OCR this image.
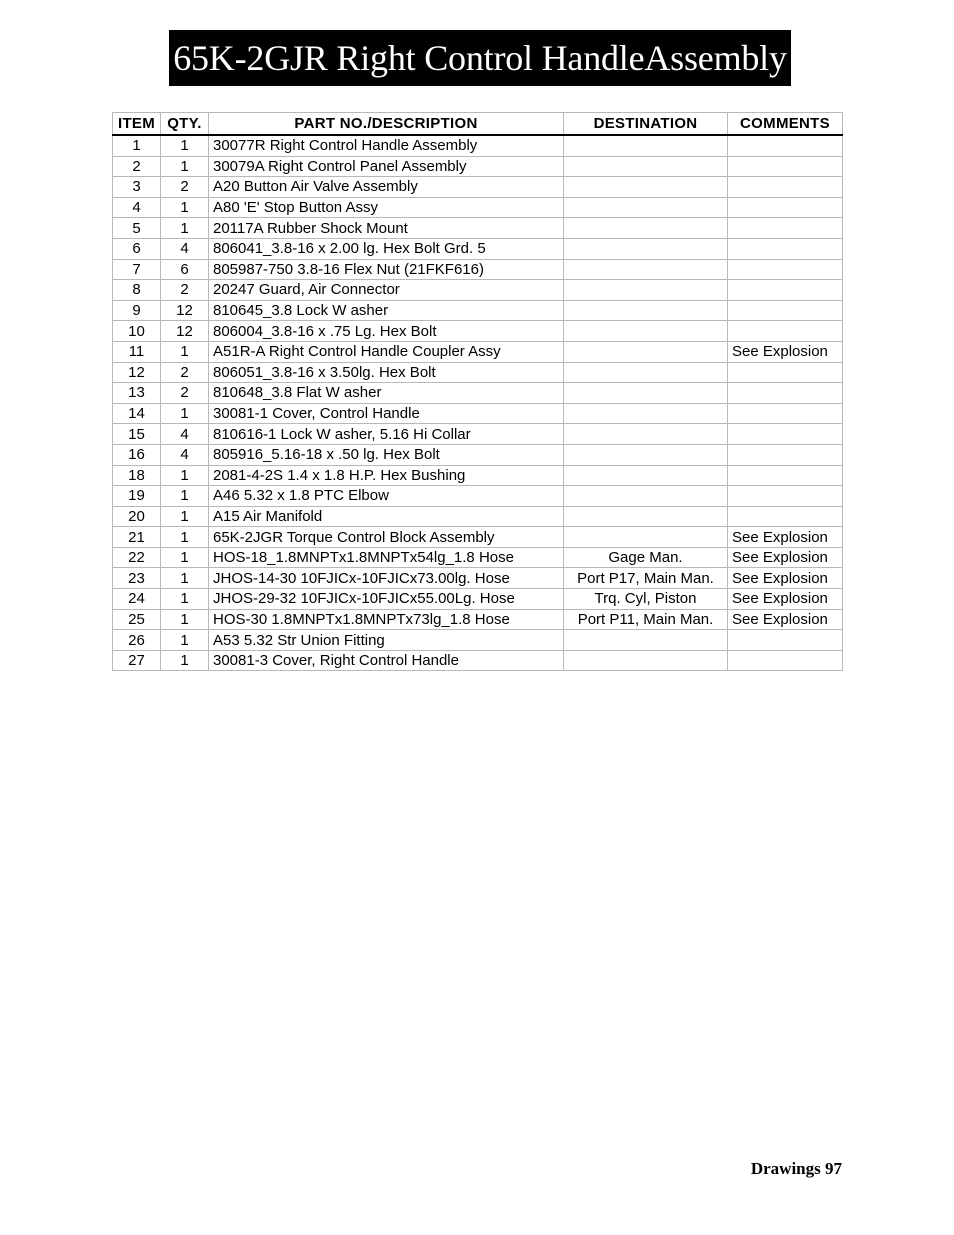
65K-2GJR Right Control HandleAssembly
ITEM	QTY.	PART NO./DESCRIPTION	DESTINATION	COMMENTS
1	1	30077R Right Control Handle Assembly		
2	1	30079A Right Control Panel Assembly		
3	2	A20 Button Air Valve Assembly		
4	1	A80 'E' Stop Button Assy		
5	1	20117A Rubber Shock Mount		
6	4	806041_3.8-16 x 2.00 lg. Hex Bolt Grd. 5		
7	6	805987-750 3.8-16 Flex Nut (21FKF616)		
8	2	20247 Guard, Air Connector		
9	12	810645_3.8 Lock W asher		
10	12	806004_3.8-16 x .75 Lg. Hex Bolt		
11	1	A51R-A Right Control Handle Coupler Assy		See Explosion
12	2	806051_3.8-16 x 3.50lg. Hex Bolt		
13	2	810648_3.8 Flat W asher		
14	1	30081-1 Cover, Control Handle		
15	4	810616-1 Lock W asher, 5.16 Hi Collar		
16	4	805916_5.16-18 x .50 lg. Hex Bolt		
18	1	2081-4-2S 1.4 x 1.8 H.P. Hex Bushing		
19	1	A46 5.32 x 1.8 PTC Elbow		
20	1	A15 Air Manifold		
21	1	65K-2JGR Torque Control Block Assembly		See Explosion
22	1	HOS-18_1.8MNPTx1.8MNPTx54lg_1.8 Hose	Gage Man.	See Explosion
23	1	JHOS-14-30 10FJICx-10FJICx73.00lg. Hose	Port P17, Main Man.	See Explosion
24	1	JHOS-29-32 10FJICx-10FJICx55.00Lg. Hose	Trq. Cyl, Piston	See Explosion
25	1	HOS-30 1.8MNPTx1.8MNPTx73lg_1.8 Hose	Port P11, Main Man.	See Explosion
26	1	A53 5.32 Str Union Fitting		
27	1	30081-3 Cover, Right Control Handle		
Drawings 97
